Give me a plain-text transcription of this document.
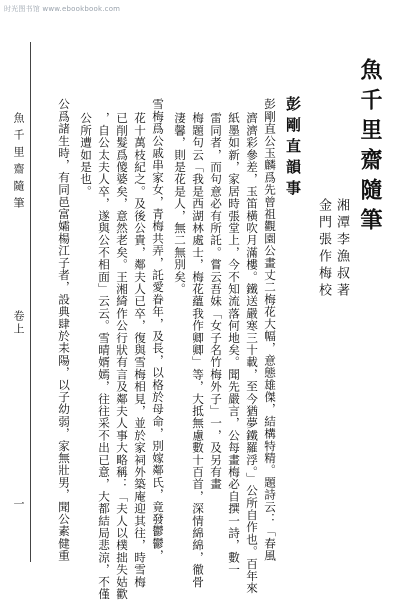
时光图书馆 www.ebookbook.com
魚千里齋隨筆
卷上
一
魚千里齋隨筆
湘潭李漁叔著
金門張作梅校
彭剛直韻事
彭剛直公玉麟爲先曾祖觀園公畫丈二梅花大幅，意態雄傑，結構特精。題詩云：「春風
濟濟彩參差，玉笛橫吹月滿樓。鐵送嚴寒三十載，至今猶夢鐵羅浮。」公所自作也。百年來
紙墨如新，家居時張堂上，今不知流落何地矣。聞先嚴言，公每畫梅必自撰一詩，數一
雷同者，而句意必有所託。嘗云吾妹「女子名竹梅外子」一，及另有畫
梅題句云「我是西湖林處士，梅花蘊我作卿卿」等，大抵無慮數十百首，深情綿綿，徹骨
淒馨，則是花是人，無二無別矣。
雪梅爲公戚串家女，青梅共弄，託愛眷年，及長，以格於母命，別嫁鄰氏，竟發鬱鬱，
花十萬枝紀之。及後公貴，鄰夫人已卒，復與雪梅相見，並於家祠外築庵迎其往，時雪梅
已削髮爲傻婆矣，意然老矣。王湘綺作公行狀有言及鄰夫人事大略稱：「夫人以樸拙失姑歡
，自公太夫人卒，遂與公不相面」云云。雪晴婿嫣，往往采不出已意，大都結局悲涼，不僅
公所遭如是也。
公爲諸生時，有同邑富孀楊江子者，設典肆於耒陽，以子幼弱，家無壯男，聞公素健重
